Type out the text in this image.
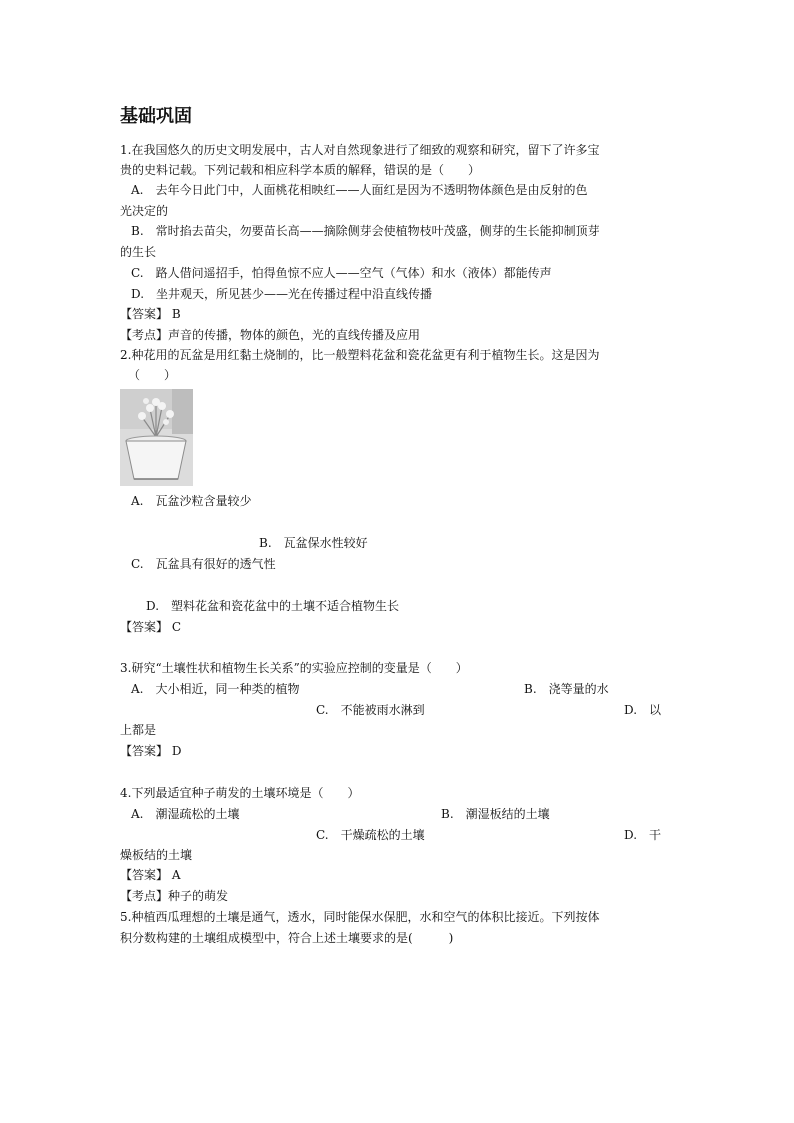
基础巩固
1.在我国悠久的历史文明发展中，古人对自然现象进行了细致的观察和研究，留下了许多宝
贵的史料记载。下列记载和相应科学本质的解释，错误的是（　　）
A.　去年今日此门中，人面桃花相映红——人面红是因为不透明物体颜色是由反射的色
光决定的
B.　常时掐去苗尖，勿要苗长高——摘除侧芽会使植物枝叶茂盛，侧芽的生长能抑制顶芽
的生长
C.　路人借问遥招手，怕得鱼惊不应人——空气（气体）和水（液体）都能传声
D.　坐井观天，所见甚少——光在传播过程中沿直线传播
【答案】 B
【考点】声音的传播，物体的颜色，光的直线传播及应用
2.种花用的瓦盆是用红黏土烧制的，比一般塑料花盆和瓷花盆更有利于植物生长。这是因为
（　　）
A.　瓦盆沙粒含量较少
B.　瓦盆保水性较好
C.　瓦盆具有很好的透气性
D.　塑料花盆和瓷花盆中的土壤不适合植物生长
【答案】 C
3.研究“土壤性状和植物生长关系”的实验应控制的变量是（　　）
A.　大小相近，同一种类的植物	B.　浇等量的水
C.　不能被雨水淋到	D.　以
上都是
【答案】 D
4.下列最适宜种子萌发的土壤环境是（　　）
A.　潮湿疏松的土壤	B.　潮湿板结的土壤
C.　干燥疏松的土壤	D.　干
燥板结的土壤
【答案】 A
【考点】种子的萌发
5.种植西瓜理想的土壤是通气，透水，同时能保水保肥，水和空气的体积比接近。下列按体
积分数构建的土壤组成模型中，符合上述土壤要求的是(　　　)
